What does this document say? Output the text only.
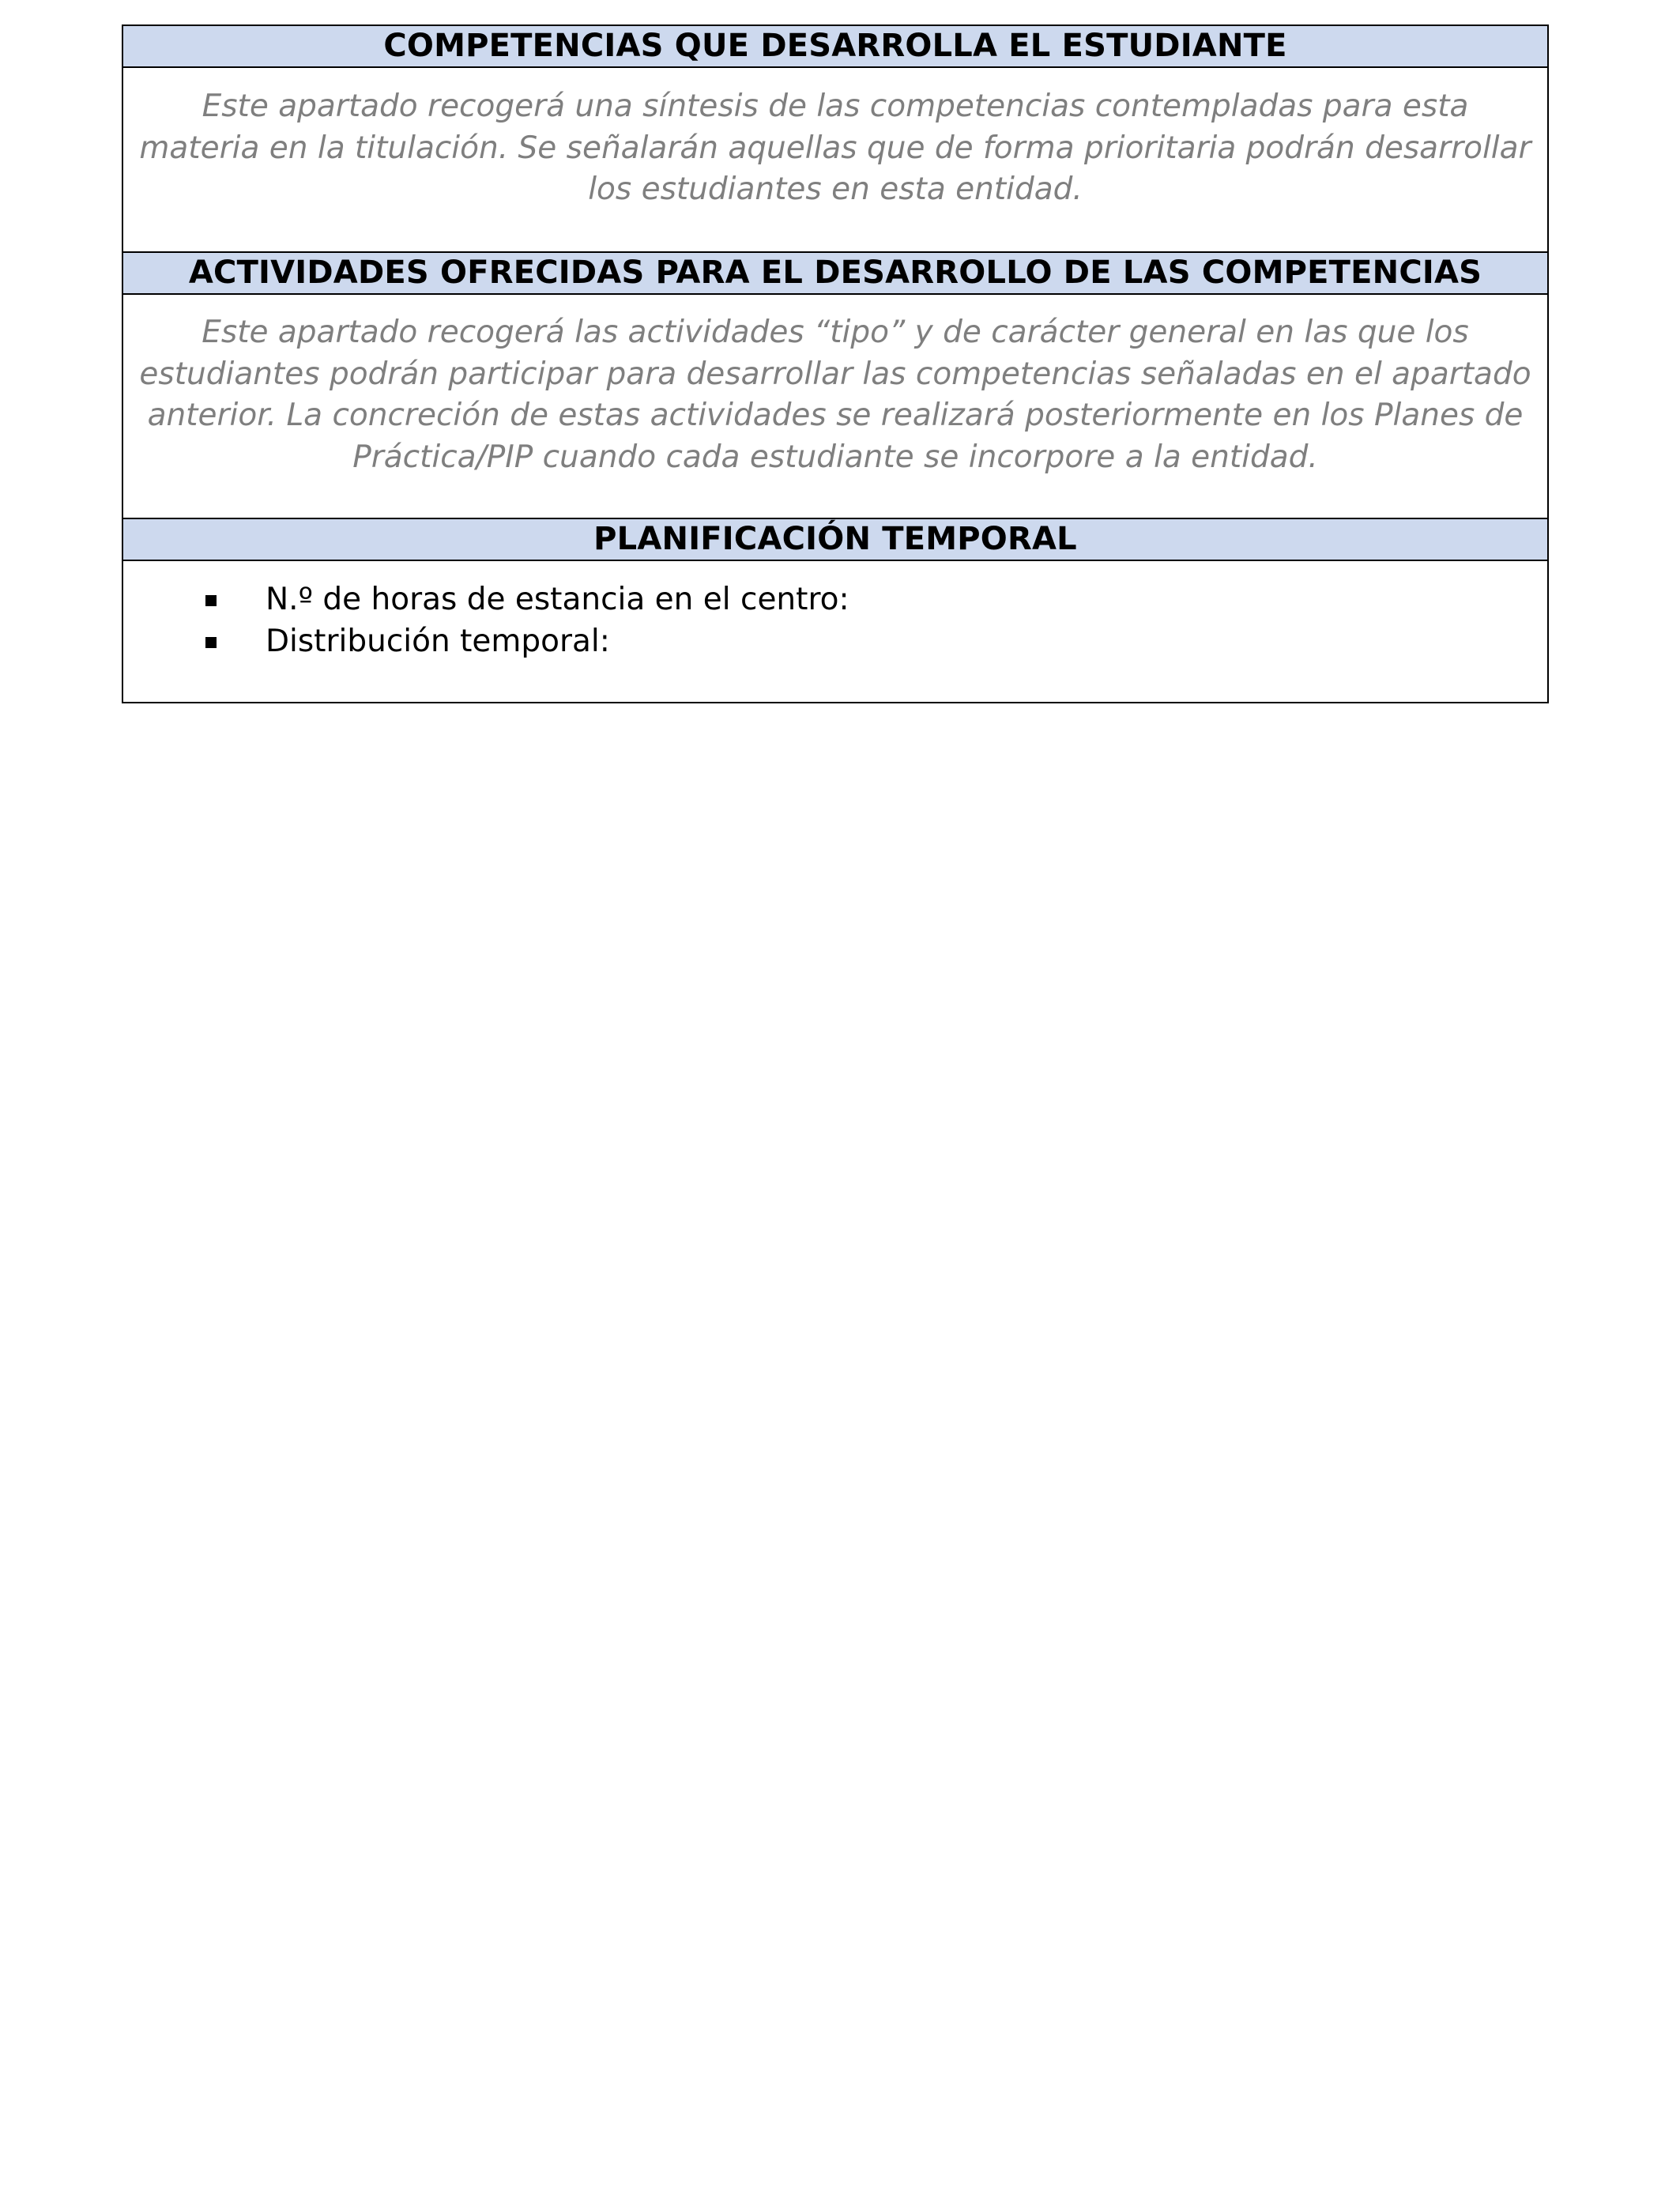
COMPETENCIAS QUE DESARROLLA EL ESTUDIANTE

Este apartado recogerá una síntesis de las competencias contempladas para esta materia en la titulación. Se señalarán aquellas que de forma prioritaria podrán desarrollar los estudiantes en esta entidad.

ACTIVIDADES OFRECIDAS PARA EL DESARROLLO DE LAS COMPETENCIAS

Este apartado recogerá las actividades “tipo” y de carácter general en las que los estudiantes podrán participar para desarrollar las competencias señaladas en el apartado anterior. La concreción de estas actividades se realizará posteriormente en los Planes de Práctica/PIP cuando cada estudiante se incorpore a la entidad.

PLANIFICACIÓN TEMPORAL

N.º de horas de estancia en el centro:
Distribución temporal:
